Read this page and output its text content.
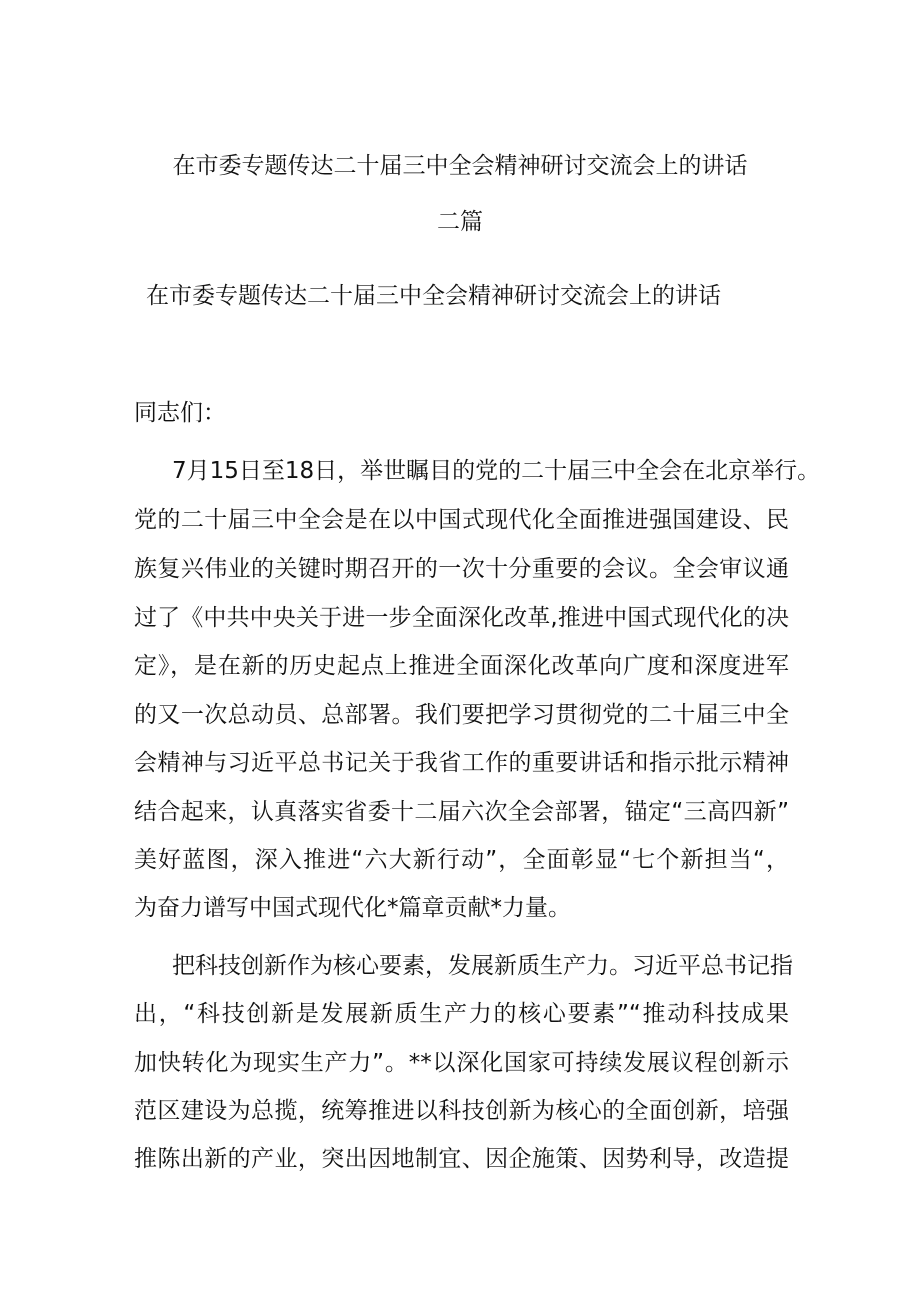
在市委专题传达二十届三中全会精神研讨交流会上的讲话
二篇
在市委专题传达二十届三中全会精神研讨交流会上的讲话
同志们：
7月15日至18日，举世瞩目的党的二十届三中全会在北京举行。
党的二十届三中全会是在以中国式现代化全面推进强国建设、民
族复兴伟业的关键时期召开的一次十分重要的会议。全会审议通
过了《中共中央关于进一步全面深化改革,推进中国式现代化的决
定》，是在新的历史起点上推进全面深化改革向广度和深度进军
的又一次总动员、总部署。我们要把学习贯彻党的二十届三中全
会精神与习近平总书记关于我省工作的重要讲话和指示批示精神
结合起来，认真落实省委十二届六次全会部署，锚定“三高四新”
美好蓝图，深入推进“六大新行动”，全面彰显“七个新担当“，
为奋力谱写中国式现代化*篇章贡献*力量。
把科技创新作为核心要素，发展新质生产力。习近平总书记指
出，“科技创新是发展新质生产力的核心要素”“推动科技成果
加快转化为现实生产力”。**以深化国家可持续发展议程创新示
范区建设为总揽，统筹推进以科技创新为核心的全面创新，培强
推陈出新的产业，突出因地制宜、因企施策、因势利导，改造提
